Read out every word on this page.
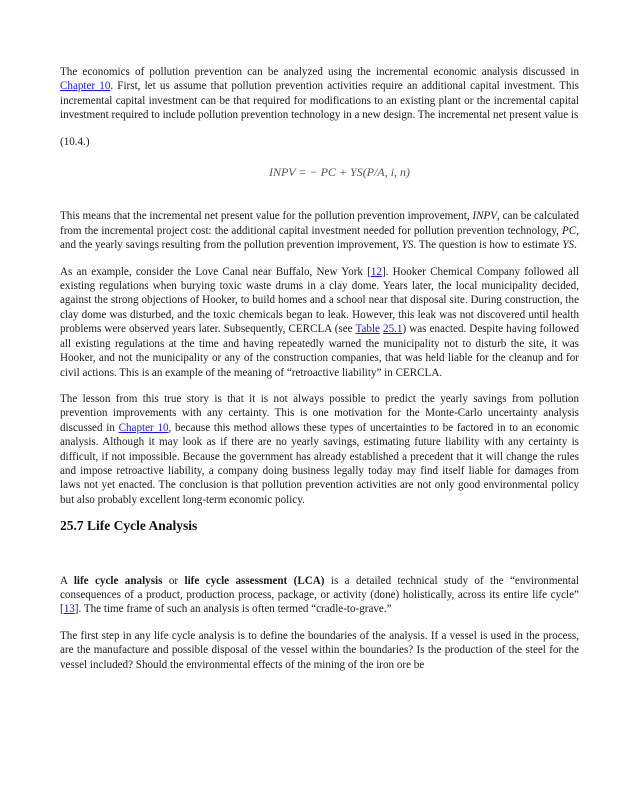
The economics of pollution prevention can be analyzed using the incremental economic analysis discussed in Chapter 10. First, let us assume that pollution prevention activities require an additional capital investment. This incremental capital investment can be that required for modifications to an existing plant or the incremental capital investment required to include pollution prevention technology in a new design. The incremental net present value is

(10.4.)

INPV = − PC + YS(P/A, i, n)

This means that the incremental net present value for the pollution prevention improvement, INPV, can be calculated from the incremental project cost: the additional capital investment needed for pollution prevention technology, PC, and the yearly savings resulting from the pollution prevention improvement, YS. The question is how to estimate YS.

As an example, consider the Love Canal near Buffalo, New York [12]. Hooker Chemical Company followed all existing regulations when burying toxic waste drums in a clay dome. Years later, the local municipality decided, against the strong objections of Hooker, to build homes and a school near that disposal site. During construction, the clay dome was disturbed, and the toxic chemicals began to leak. However, this leak was not discovered until health problems were observed years later. Subsequently, CERCLA (see Table 25.1) was enacted. Despite having followed all existing regulations at the time and having repeatedly warned the municipality not to disturb the site, it was Hooker, and not the municipality or any of the construction companies, that was held liable for the cleanup and for civil actions. This is an example of the meaning of “retroactive liability” in CERCLA.

The lesson from this true story is that it is not always possible to predict the yearly savings from pollution prevention improvements with any certainty. This is one motivation for the Monte-Carlo uncertainty analysis discussed in Chapter 10, because this method allows these types of uncertainties to be factored in to an economic analysis. Although it may look as if there are no yearly savings, estimating future liability with any certainty is difficult, if not impossible. Because the government has already established a precedent that it will change the rules and impose retroactive liability, a company doing business legally today may find itself liable for damages from laws not yet enacted. The conclusion is that pollution prevention activities are not only good environmental policy but also probably excellent long-term economic policy.

25.7 Life Cycle Analysis

A life cycle analysis or life cycle assessment (LCA) is a detailed technical study of the “environmental consequences of a product, production process, package, or activity (done) holistically, across its entire life cycle” [13]. The time frame of such an analysis is often termed “cradle-to-grave.”

The first step in any life cycle analysis is to define the boundaries of the analysis. If a vessel is used in the process, are the manufacture and possible disposal of the vessel within the boundaries? Is the production of the steel for the vessel included? Should the environmental effects of the mining of the iron ore be
